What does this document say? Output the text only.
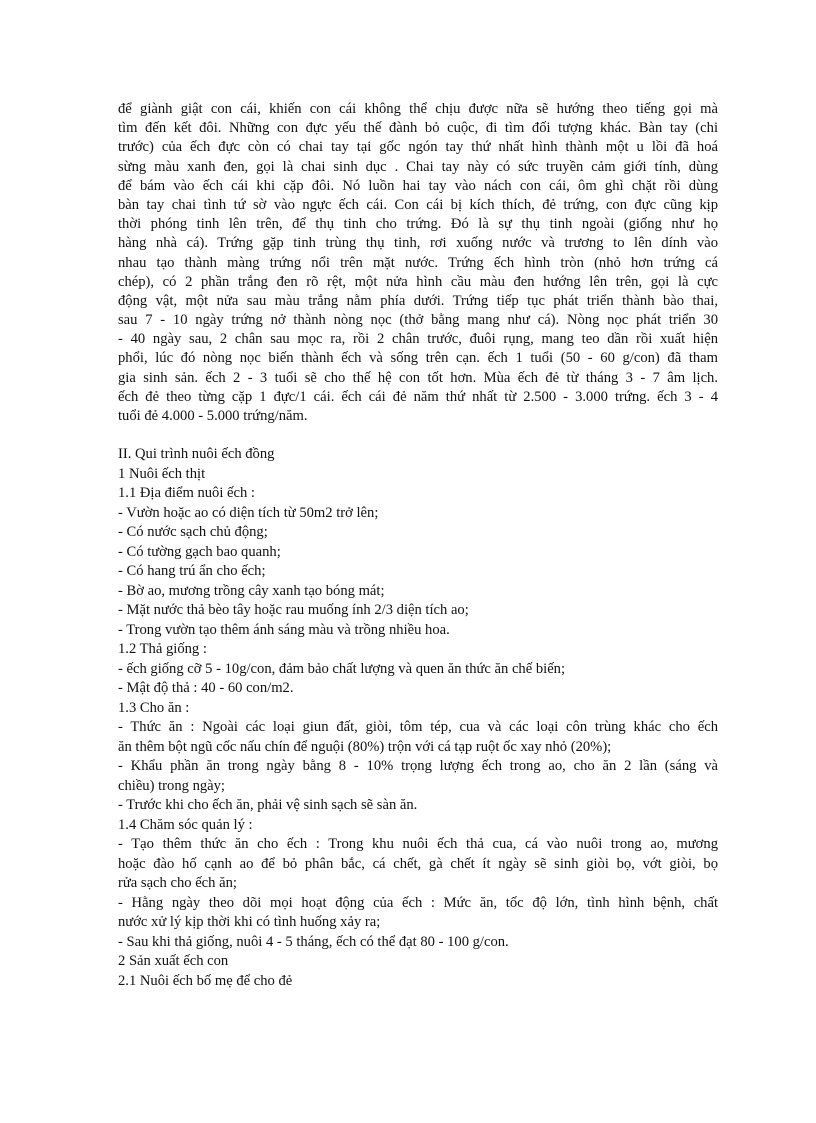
để giành giật con cái, khiến con cái không thể chịu được nữa sẽ hướng theo tiếng gọi mà
tìm đến kết đôi. Những con đực yếu thế đành bỏ cuộc, đi tìm đối tượng khác. Bàn tay (chi
trước) của ếch đực còn có chai tay tại gốc ngón tay thứ nhất hình thành một u lồi đã hoá
sừng màu xanh đen, gọi là chai sinh dục . Chai tay này có sức truyền cảm giới tính, dùng
để bám vào ếch cái khi cặp đôi. Nó luồn hai tay vào nách con cái, ôm ghì chặt rồi dùng
bàn tay chai tình tứ sờ vào ngực ếch cái. Con cái bị kích thích, đẻ trứng, con đực cũng kịp
thời phóng tinh lên trên, để thụ tinh cho trứng. Đó là sự thụ tinh ngoài (giống như họ
hàng nhà cá). Trứng gặp tinh trùng thụ tinh, rơi xuống nước và trương to lên dính vào
nhau tạo thành màng trứng nổi trên mặt nước. Trứng ếch hình tròn (nhỏ hơn trứng cá
chép), có 2 phần trắng đen rõ rệt, một nửa hình cầu màu đen hướng lên trên, gọi là cực
động vật, một nửa sau màu trắng nằm phía dưới. Trứng tiếp tục phát triển thành bào thai,
sau 7 - 10 ngày trứng nở thành nòng nọc (thở bằng mang như cá). Nòng nọc phát triển 30
- 40 ngày sau, 2 chân sau mọc ra, rồi 2 chân trước, đuôi rụng, mang teo dần rồi xuất hiện
phổi, lúc đó nòng nọc biến thành ếch và sống trên cạn. ếch 1 tuổi (50 - 60 g/con) đã tham
gia sinh sản. ếch 2 - 3 tuổi sẽ cho thế hệ con tốt hơn. Mùa ếch đẻ từ tháng 3 - 7 âm lịch.
ếch đẻ theo từng cặp 1 đực/1 cái. ếch cái đẻ năm thứ nhất từ 2.500 - 3.000 trứng. ếch 3 - 4
tuổi đẻ 4.000 - 5.000 trứng/năm.
II. Qui trình nuôi ếch đồng
1 Nuôi ếch thịt
1.1 Địa điểm nuôi ếch :
- Vườn hoặc ao có diện tích từ 50m2 trở lên;
- Có nước sạch chủ động;
- Có tường gạch bao quanh;
- Có hang trú ẩn cho ếch;
- Bờ ao, mương trồng cây xanh tạo bóng mát;
- Mặt nước thả bèo tây hoặc rau muống ính 2/3 diện tích ao;
- Trong vườn tạo thêm ánh sáng màu và trồng nhiều hoa.
1.2 Thả giống :
- ếch giống cỡ 5 - 10g/con, đảm bảo chất lượng và quen ăn thức ăn chế biến;
- Mật độ thả : 40 - 60 con/m2.
1.3 Cho ăn :
- Thức ăn : Ngoài các loại giun đất, giòi, tôm tép, cua và các loại côn trùng khác cho ếch
ăn thêm bột ngũ cốc nấu chín để nguội (80%) trộn với cá tạp ruột ốc xay nhỏ (20%);
- Khẩu phần ăn trong ngày bằng 8 - 10% trọng lượng ếch trong ao, cho ăn 2 lần (sáng và
chiều) trong ngày;
- Trước khi cho ếch ăn, phải vệ sinh sạch sẽ sàn ăn.
1.4 Chăm sóc quản lý :
- Tạo thêm thức ăn cho ếch : Trong khu nuôi ếch thả cua, cá vào nuôi trong ao, mương
hoặc đào hố cạnh ao để bỏ phân bắc, cá chết, gà chết ít ngày sẽ sinh giòi bọ, vớt giòi, bọ
rửa sạch cho ếch ăn;
- Hằng ngày theo dõi mọi hoạt động của ếch : Mức ăn, tốc độ lớn, tình hình bệnh, chất
nước xử lý kịp thời khi có tình huống xảy ra;
- Sau khi thả giống, nuôi 4 - 5 tháng, ếch có thể đạt 80 - 100 g/con.
2 Sản xuất ếch con
2.1 Nuôi ếch bố mẹ để cho đẻ
